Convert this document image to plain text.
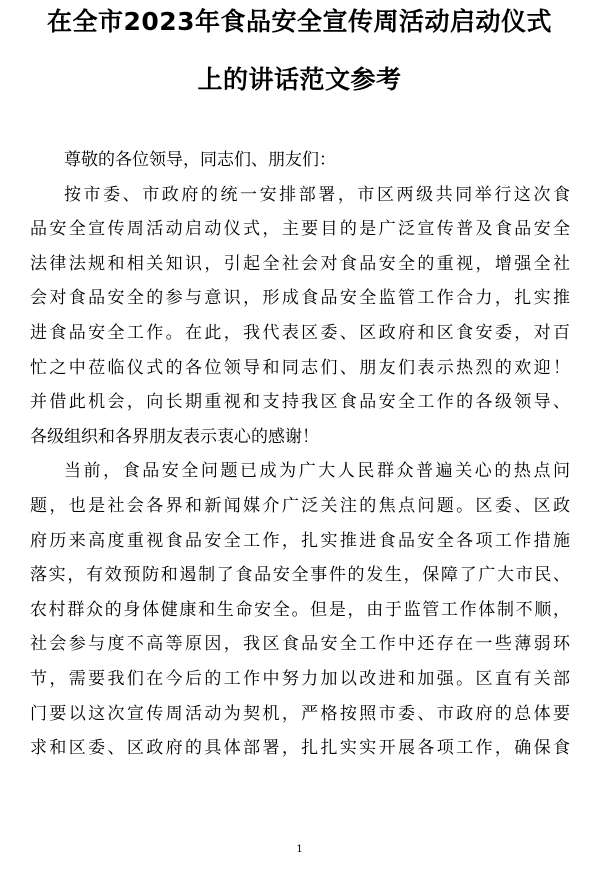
在全市2023年食品安全宣传周活动启动仪式
上的讲话范文参考
尊敬的各位领导，同志们、朋友们：
按市委、市政府的统一安排部署，市区两级共同举行这次食
品安全宣传周活动启动仪式，主要目的是广泛宣传普及食品安全
法律法规和相关知识，引起全社会对食品安全的重视，增强全社
会对食品安全的参与意识，形成食品安全监管工作合力，扎实推
进食品安全工作。在此，我代表区委、区政府和区食安委，对百
忙之中莅临仪式的各位领导和同志们、朋友们表示热烈的欢迎！
并借此机会，向长期重视和支持我区食品安全工作的各级领导、
各级组织和各界朋友表示衷心的感谢！
当前，食品安全问题已成为广大人民群众普遍关心的热点问
题，也是社会各界和新闻媒介广泛关注的焦点问题。区委、区政
府历来高度重视食品安全工作，扎实推进食品安全各项工作措施
落实，有效预防和遏制了食品安全事件的发生，保障了广大市民、
农村群众的身体健康和生命安全。但是，由于监管工作体制不顺，
社会参与度不高等原因，我区食品安全工作中还存在一些薄弱环
节，需要我们在今后的工作中努力加以改进和加强。区直有关部
门要以这次宣传周活动为契机，严格按照市委、市政府的总体要
求和区委、区政府的具体部署，扎扎实实开展各项工作，确保食
1
